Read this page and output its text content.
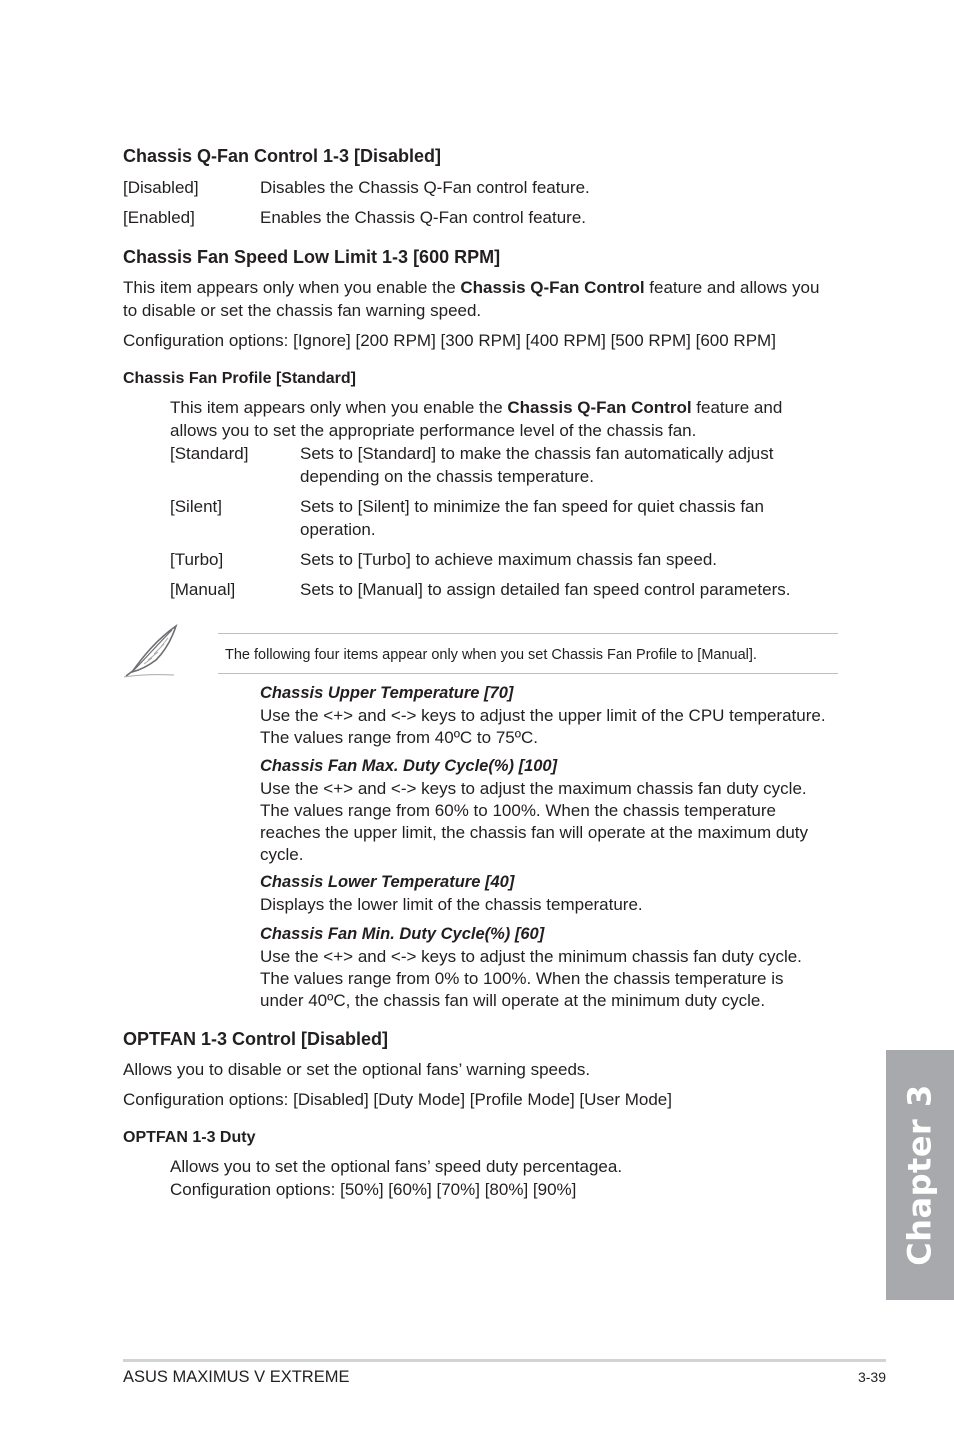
Chassis Q-Fan Control 1-3 [Disabled]
[Disabled]	Disables the Chassis Q-Fan control feature.
[Enabled]	Enables the Chassis Q-Fan control feature.
Chassis Fan Speed Low Limit 1-3 [600 RPM]
This item appears only when you enable the Chassis Q-Fan Control feature and allows you
to disable or set the chassis fan warning speed.
Configuration options: [Ignore] [200 RPM] [300 RPM] [400 RPM] [500 RPM] [600 RPM]
Chassis Fan Profile [Standard]
This item appears only when you enable the Chassis Q-Fan Control feature and
allows you to set the appropriate performance level of the chassis fan.
[Standard]	Sets to [Standard] to make the chassis fan automatically adjust
depending on the chassis temperature.
[Silent]	Sets to [Silent] to minimize the fan speed for quiet chassis fan
operation.
[Turbo]	Sets to [Turbo] to achieve maximum chassis fan speed.
[Manual]	Sets to [Manual] to assign detailed fan speed control parameters.
The following four items appear only when you set Chassis Fan Profile to [Manual].
Chassis Upper Temperature [70]
Use the <+> and <-> keys to adjust the upper limit of the CPU temperature.
The values range from 40ºC to 75ºC.
Chassis Fan Max. Duty Cycle(%) [100]
Use the <+> and <-> keys to adjust the maximum chassis fan duty cycle.
The values range from 60% to 100%. When the chassis temperature
reaches the upper limit, the chassis fan will operate at the maximum duty
cycle.
Chassis Lower Temperature [40]
Displays the lower limit of the chassis temperature.
Chassis Fan Min. Duty Cycle(%) [60]
Use the <+> and <-> keys to adjust the minimum chassis fan duty cycle.
The values range from 0% to 100%. When the chassis temperature is
under 40ºC, the chassis fan will operate at the minimum duty cycle.
OPTFAN 1-3 Control [Disabled]
Allows you to disable or set the optional fans’ warning speeds.
Configuration options: [Disabled] [Duty Mode] [Profile Mode] [User Mode]
OPTFAN 1-3 Duty
Allows you to set the optional fans’ speed duty percentagea.
Configuration options: [50%] [60%] [70%] [80%] [90%]	Chapter 3
ASUS MAXIMUS V EXTREME	3-39
